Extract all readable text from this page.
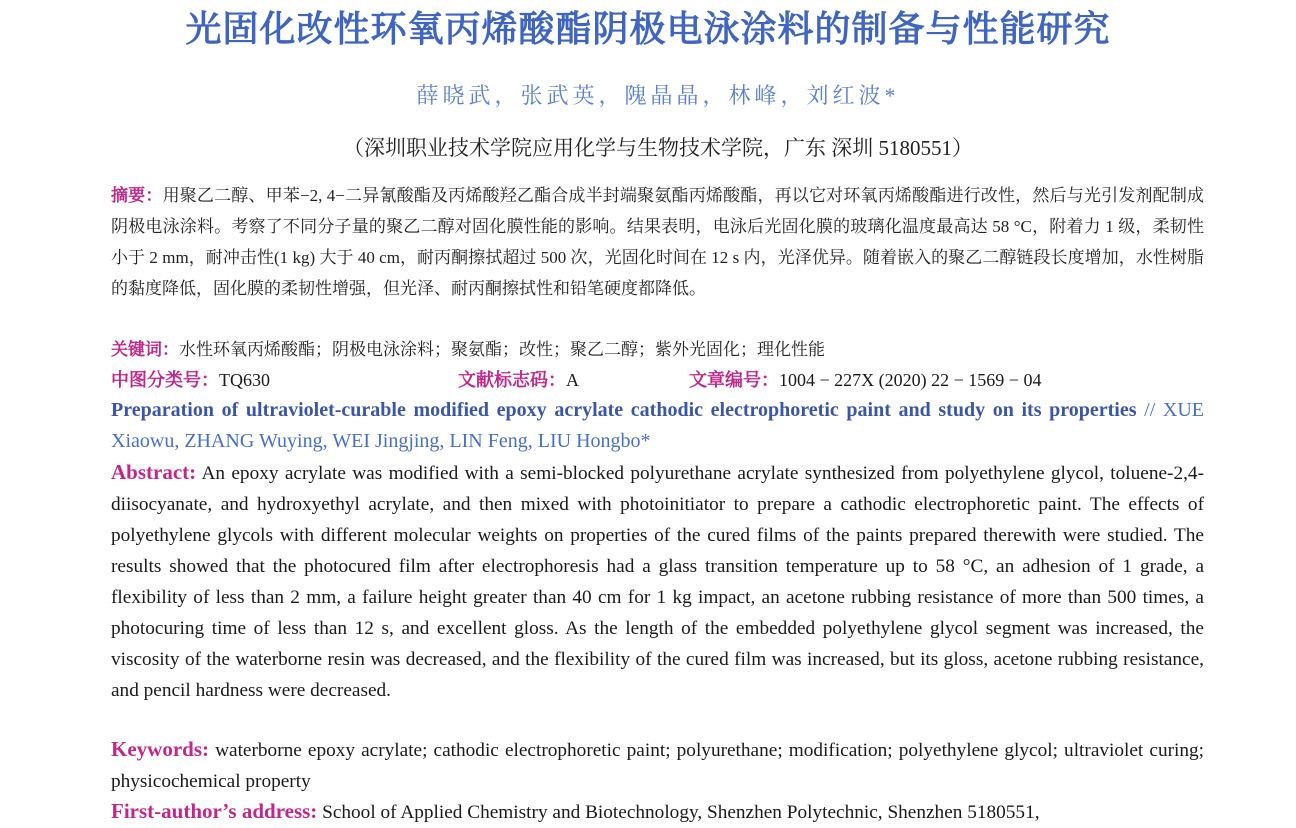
光固化改性环氧丙烯酸酯阴极电泳涂料的制备与性能研究
薛晓武，张武英，隗晶晶，林峰，刘红波*
（深圳职业技术学院应用化学与生物技术学院，广东 深圳 5180551）
摘要：用聚乙二醇、甲苯−2, 4−二异氰酸酯及丙烯酸羟乙酯合成半封端聚氨酯丙烯酸酯，再以它对环氧丙烯酸酯进行改性，然后与光引发剂配制成阴极电泳涂料。考察了不同分子量的聚乙二醇对固化膜性能的影响。结果表明，电泳后光固化膜的玻璃化温度最高达 58 °C，附着力 1 级，柔韧性小于 2 mm，耐冲击性(1 kg) 大于 40 cm，耐丙酮擦拭超过 500 次，光固化时间在 12 s 内，光泽优异。随着嵌入的聚乙二醇链段长度增加，水性树脂的黏度降低，固化膜的柔韧性增强，但光泽、耐丙酮擦拭性和铅笔硬度都降低。
关键词：水性环氧丙烯酸酯；阴极电泳涂料；聚氨酯；改性；聚乙二醇；紫外光固化；理化性能
中图分类号：TQ630	文献标志码：A	文章编号：1004 − 227X (2020) 22 − 1569 − 04
Preparation of ultraviolet-curable modified epoxy acrylate cathodic electrophoretic paint and study on its properties // XUE Xiaowu, ZHANG Wuying, WEI Jingjing, LIN Feng, LIU Hongbo*
Abstract: An epoxy acrylate was modified with a semi-blocked polyurethane acrylate synthesized from polyethylene glycol, toluene-2,4-diisocyanate, and hydroxyethyl acrylate, and then mixed with photoinitiator to prepare a cathodic electrophoretic paint. The effects of polyethylene glycols with different molecular weights on properties of the cured films of the paints prepared therewith were studied. The results showed that the photocured film after electrophoresis had a glass transition temperature up to 58 °C, an adhesion of 1 grade, a flexibility of less than 2 mm, a failure height greater than 40 cm for 1 kg impact, an acetone rubbing resistance of more than 500 times, a photocuring time of less than 12 s, and excellent gloss. As the length of the embedded polyethylene glycol segment was increased, the viscosity of the waterborne resin was decreased, and the flexibility of the cured film was increased, but its gloss, acetone rubbing resistance, and pencil hardness were decreased.
Keywords: waterborne epoxy acrylate; cathodic electrophoretic paint; polyurethane; modification; polyethylene glycol; ultraviolet curing; physicochemical property
First-author’s address: School of Applied Chemistry and Biotechnology, Shenzhen Polytechnic, Shenzhen 5180551,
